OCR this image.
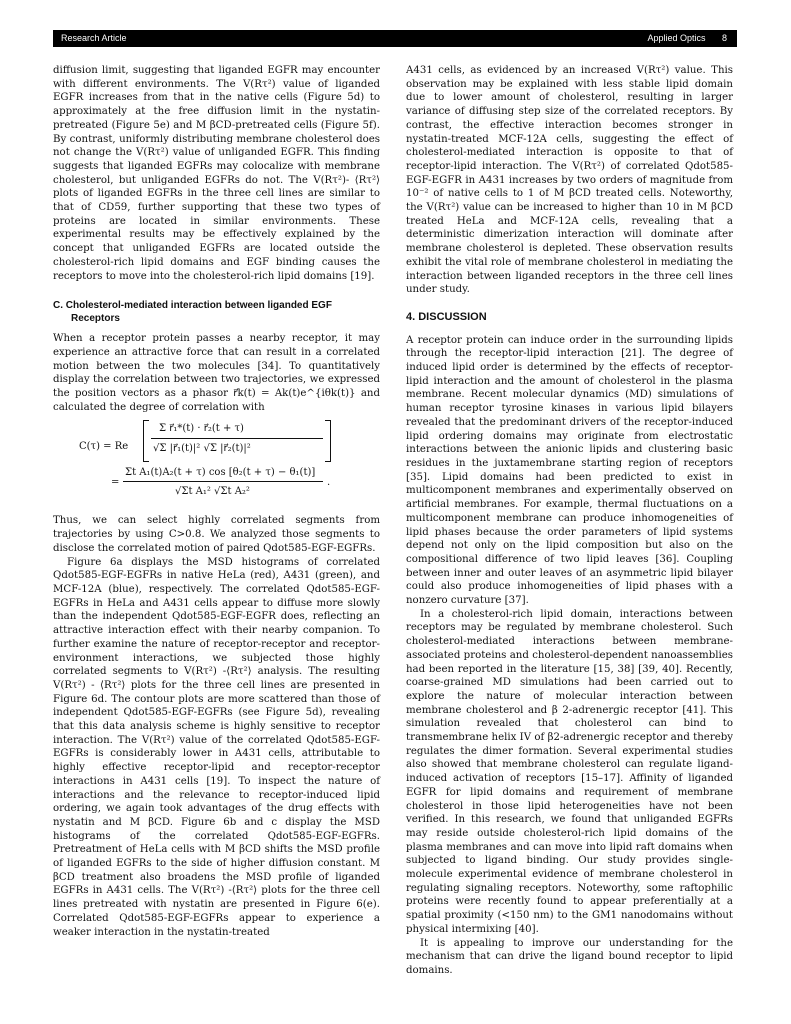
Research Article	Applied Optics 8

diffusion limit, suggesting that liganded EGFR may encounter with different environments. The V(Rτ²) value of liganded EGFR increases from that in the native cells (Figure 5d) to approximately at the free diffusion limit in the nystatin-pretreated (Figure 5e) and M βCD-pretreated cells (Figure 5f). By contrast, uniformly distributing membrane cholesterol does not change the V(Rτ²) value of unliganded EGFR. This finding suggests that liganded EGFRs may colocalize with membrane cholesterol, but unliganded EGFRs do not. The V(Rτ²)- ⟨Rτ²⟩ plots of liganded EGFRs in the three cell lines are similar to that of CD59, further supporting that these two types of proteins are located in similar environments. These experimental results may be effectively explained by the concept that unliganded EGFRs are located outside the cholesterol-rich lipid domains and EGF binding causes the receptors to move into the cholesterol-rich lipid domains [19].

C. Cholesterol-mediated interaction between liganded EGF Receptors

When a receptor protein passes a nearby receptor, it may experience an attractive force that can result in a correlated motion between the two molecules [34]. To quantitatively display the correlation between two trajectories, we expressed the position vectors as a phasor r⃗k(t) = Ak(t)e^{iθk(t)} and calculated the degree of correlation with

C(τ) = Re
Σ r⃗₁*(t) · r⃗₂(t + τ)
√Σ |r⃗₁(t)|² √Σ |r⃗₂(t)|²
=
Σt A₁(t)A₂(t + τ) cos [θ₂(t + τ) − θ₁(t)]
√Σt A₁² √Σt A₂²
.

Thus, we can select highly correlated segments from trajectories by using C>0.8. We analyzed those segments to disclose the correlated motion of paired Qdot585-EGF-EGFRs.

Figure 6a displays the MSD histograms of correlated Qdot585-EGF-EGFRs in native HeLa (red), A431 (green), and MCF-12A (blue), respectively. The correlated Qdot585-EGF-EGFRs in HeLa and A431 cells appear to diffuse more slowly than the independent Qdot585-EGF-EGFR does, reflecting an attractive interaction effect with their nearby companion. To further examine the nature of receptor-receptor and receptor-environment interactions, we subjected those highly correlated segments to V(Rτ²) -⟨Rτ²⟩ analysis. The resulting V(Rτ²) - ⟨Rτ²⟩ plots for the three cell lines are presented in Figure 6d. The contour plots are more scattered than those of independent Qdot585-EGF-EGFRs (see Figure 5d), revealing that this data analysis scheme is highly sensitive to receptor interaction. The V(Rτ²) value of the correlated Qdot585-EGF-EGFRs is considerably lower in A431 cells, attributable to highly effective receptor-lipid and receptor-receptor interactions in A431 cells [19]. To inspect the nature of interactions and the relevance to receptor-induced lipid ordering, we again took advantages of the drug effects with nystatin and M βCD. Figure 6b and c display the MSD histograms of the correlated Qdot585-EGF-EGFRs. Pretreatment of HeLa cells with M βCD shifts the MSD profile of liganded EGFRs to the side of higher diffusion constant. M βCD treatment also broadens the MSD profile of liganded EGFRs in A431 cells. The V(Rτ²) -⟨Rτ²⟩ plots for the three cell lines pretreated with nystatin are presented in Figure 6(e). Correlated Qdot585-EGF-EGFRs appear to experience a weaker interaction in the nystatin-treated

A431 cells, as evidenced by an increased V(Rτ²) value. This observation may be explained with less stable lipid domain due to lower amount of cholesterol, resulting in larger variance of diffusing step size of the correlated receptors. By contrast, the effective interaction becomes stronger in nystatin-treated MCF-12A cells, suggesting the effect of cholesterol-mediated interaction is opposite to that of receptor-lipid interaction. The V(Rτ²) of correlated Qdot585-EGF-EGFR in A431 increases by two orders of magnitude from 10⁻² of native cells to 1 of M βCD treated cells. Noteworthy, the V(Rτ²) value can be increased to higher than 10 in M βCD treated HeLa and MCF-12A cells, revealing that a deterministic dimerization interaction will dominate after membrane cholesterol is depleted. These observation results exhibit the vital role of membrane cholesterol in mediating the interaction between liganded receptors in the three cell lines under study.

4. DISCUSSION

A receptor protein can induce order in the surrounding lipids through the receptor-lipid interaction [21]. The degree of induced lipid order is determined by the effects of receptor-lipid interaction and the amount of cholesterol in the plasma membrane. Recent molecular dynamics (MD) simulations of human receptor tyrosine kinases in various lipid bilayers revealed that the predominant drivers of the receptor-induced lipid ordering domains may originate from electrostatic interactions between the anionic lipids and clustering basic residues in the juxtamembrane starting region of receptors [35]. Lipid domains had been predicted to exist in multicomponent membranes and experimentally observed on artificial membranes. For example, thermal fluctuations on a multicomponent membrane can produce inhomogeneities of lipid phases because the order parameters of lipid systems depend not only on the lipid composition but also on the compositional difference of two lipid leaves [36]. Coupling between inner and outer leaves of an asymmetric lipid bilayer could also produce inhomogeneities of lipid phases with a nonzero curvature [37].

In a cholesterol-rich lipid domain, interactions between receptors may be regulated by membrane cholesterol. Such cholesterol-mediated interactions between membrane-associated proteins and cholesterol-dependent nanoassemblies had been reported in the literature [15, 38] [39, 40]. Recently, coarse-grained MD simulations had been carried out to explore the nature of molecular interaction between membrane cholesterol and β 2-adrenergic receptor [41]. This simulation revealed that cholesterol can bind to transmembrane helix IV of β2-adrenergic receptor and thereby regulates the dimer formation. Several experimental studies also showed that membrane cholesterol can regulate ligand-induced activation of receptors [15–17]. Affinity of liganded EGFR for lipid domains and requirement of membrane cholesterol in those lipid heterogeneities have not been verified. In this research, we found that unliganded EGFRs may reside outside cholesterol-rich lipid domains of the plasma membranes and can move into lipid raft domains when subjected to ligand binding. Our study provides single-molecule experimental evidence of membrane cholesterol in regulating signaling receptors. Noteworthy, some raftophilic proteins were recently found to appear preferentially at a spatial proximity (<150 nm) to the GM1 nanodomains without physical intermixing [40].

It is appealing to improve our understanding for the mechanism that can drive the ligand bound receptor to lipid domains.
